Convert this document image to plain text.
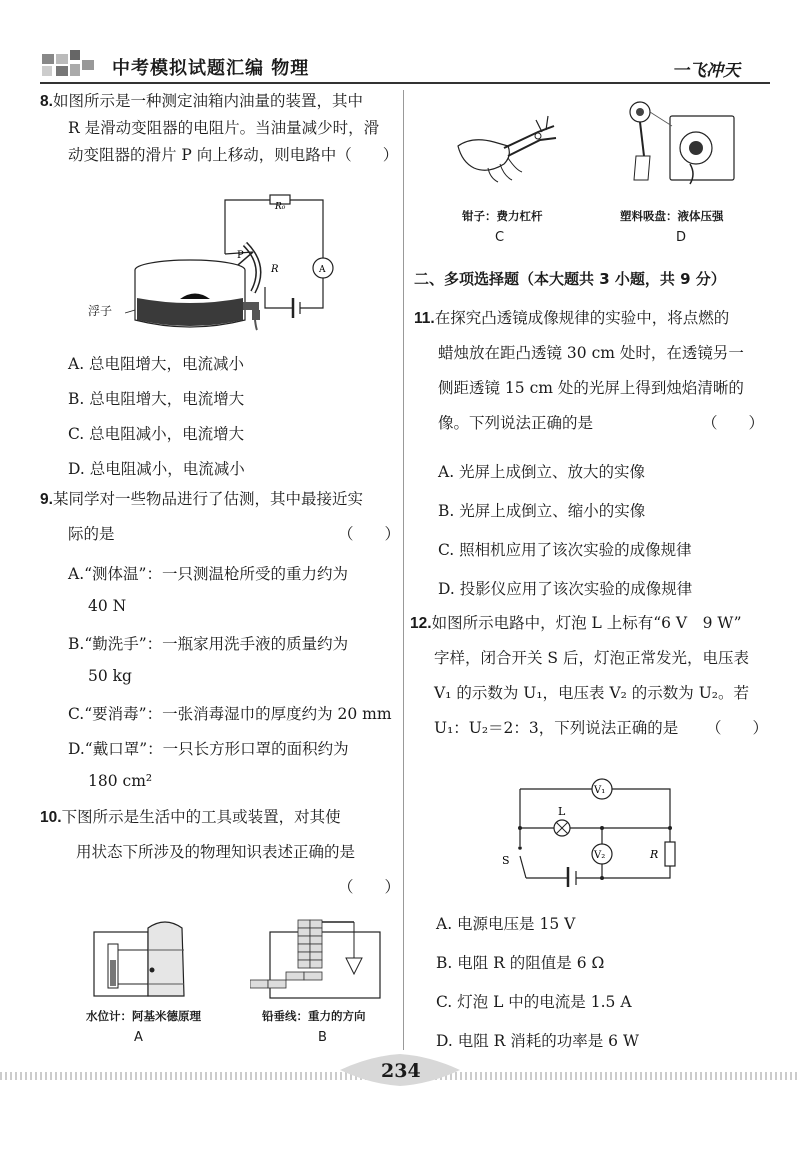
中考模拟试题汇编 物理	一飞冲天
8.如图所示是一种测定油箱内油量的装置，其中
R 是滑动变阻器的电阻片。当油量减少时，滑
动变阻器的滑片 P 向上移动，则电路中（　　）
R₀
P
R	A
浮子
A. 总电阻增大，电流减小
B. 总电阻增大，电流增大
C. 总电阻减小，电流增大
D. 总电阻减小，电流减小
9.某同学对一些物品进行了估测，其中最接近实
际的是	（　　）
A.“测体温”：一只测温枪所受的重力约为
40 N
B.“勤洗手”：一瓶家用洗手液的质量约为
50 kg
C.“要消毒”：一张消毒湿巾的厚度约为 20 mm
D.“戴口罩”：一只长方形口罩的面积约为
180 cm²
10.下图所示是生活中的工具或装置，对其使
用状态下所涉及的物理知识表述正确的是
（　　）
水位计：阿基米德原理
A
铅垂线：重力的方向
B
钳子：费力杠杆
C
塑料吸盘：液体压强
D
二、多项选择题（本大题共 3 小题，共 9 分）
11.在探究凸透镜成像规律的实验中，将点燃的
蜡烛放在距凸透镜 30 cm 处时，在透镜另一
侧距透镜 15 cm 处的光屏上得到烛焰清晰的
像。下列说法正确的是	（　　）
A. 光屏上成倒立、放大的实像
B. 光屏上成倒立、缩小的实像
C. 照相机应用了该次实验的成像规律
D. 投影仪应用了该次实验的成像规律
12.如图所示电路中，灯泡 L 上标有“6 V　9 W”
字样，闭合开关 S 后，灯泡正常发光，电压表
V₁ 的示数为 U₁，电压表 V₂ 的示数为 U₂。若
U₁：U₂＝2：3，下列说法正确的是 （　　）
V₁
V₂
L
R
S
A. 电源电压是 15 V
B. 电阻 R 的阻值是 6 Ω
C. 灯泡 L 中的电流是 1.5 A
D. 电阻 R 消耗的功率是 6 W
234
